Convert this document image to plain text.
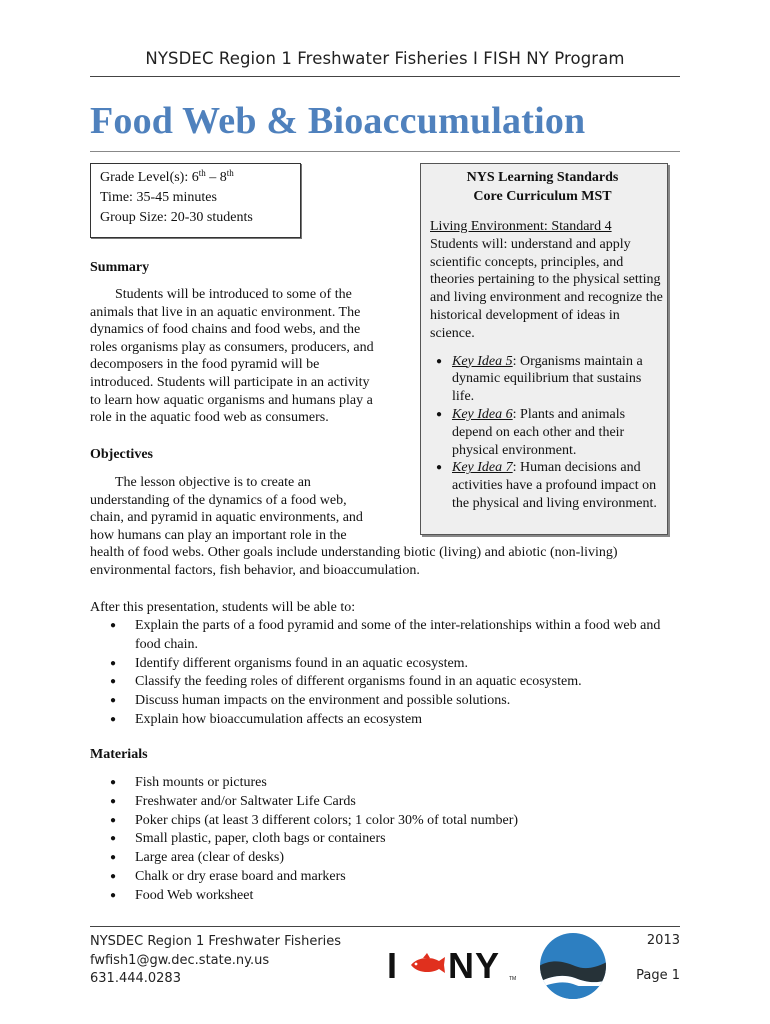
NYSDEC Region 1 Freshwater Fisheries I FISH NY Program
Food Web & Bioaccumulation
Grade Level(s): 6th – 8th
Time: 35-45 minutes
Group Size: 20-30 students
NYS Learning Standards
Core Curriculum MST
Living Environment: Standard 4
Students will: understand and apply scientific concepts, principles, and theories pertaining to the physical setting and living environment and recognize the historical development of ideas in science.
● Key Idea 5: Organisms maintain a dynamic equilibrium that sustains life.
● Key Idea 6: Plants and animals depend on each other and their physical environment.
● Key Idea 7: Human decisions and activities have a profound impact on the physical and living environment.
Summary
Students will be introduced to some of the
animals that live in an aquatic environment. The
dynamics of food chains and food webs, and the
roles organisms play as consumers, producers, and
decomposers in the food pyramid will be
introduced. Students will participate in an activity
to learn how aquatic organisms and humans play a
role in the aquatic food web as consumers.
Objectives
The lesson objective is to create an
understanding of the dynamics of a food web,
chain, and pyramid in aquatic environments, and
how humans can play an important role in the
health of food webs. Other goals include understanding biotic (living) and abiotic (non-living)
environmental factors, fish behavior, and bioaccumulation.
After this presentation, students will be able to:
● Explain the parts of a food pyramid and some of the inter-relationships within a food web and food chain.
● Identify different organisms found in an aquatic ecosystem.
● Classify the feeding roles of different organisms found in an aquatic ecosystem.
● Discuss human impacts on the environment and possible solutions.
● Explain how bioaccumulation affects an ecosystem
Materials
● Fish mounts or pictures
● Freshwater and/or Saltwater Life Cards
● Poker chips (at least 3 different colors; 1 color 30% of total number)
● Small plastic, paper, cloth bags or containers
● Large area (clear of desks)
● Chalk or dry erase board and markers
● Food Web worksheet
NYSDEC Region 1 Freshwater Fisheries
fwfish1@gw.dec.state.ny.us
631.444.0283	I NY TM
2013
Page 1
